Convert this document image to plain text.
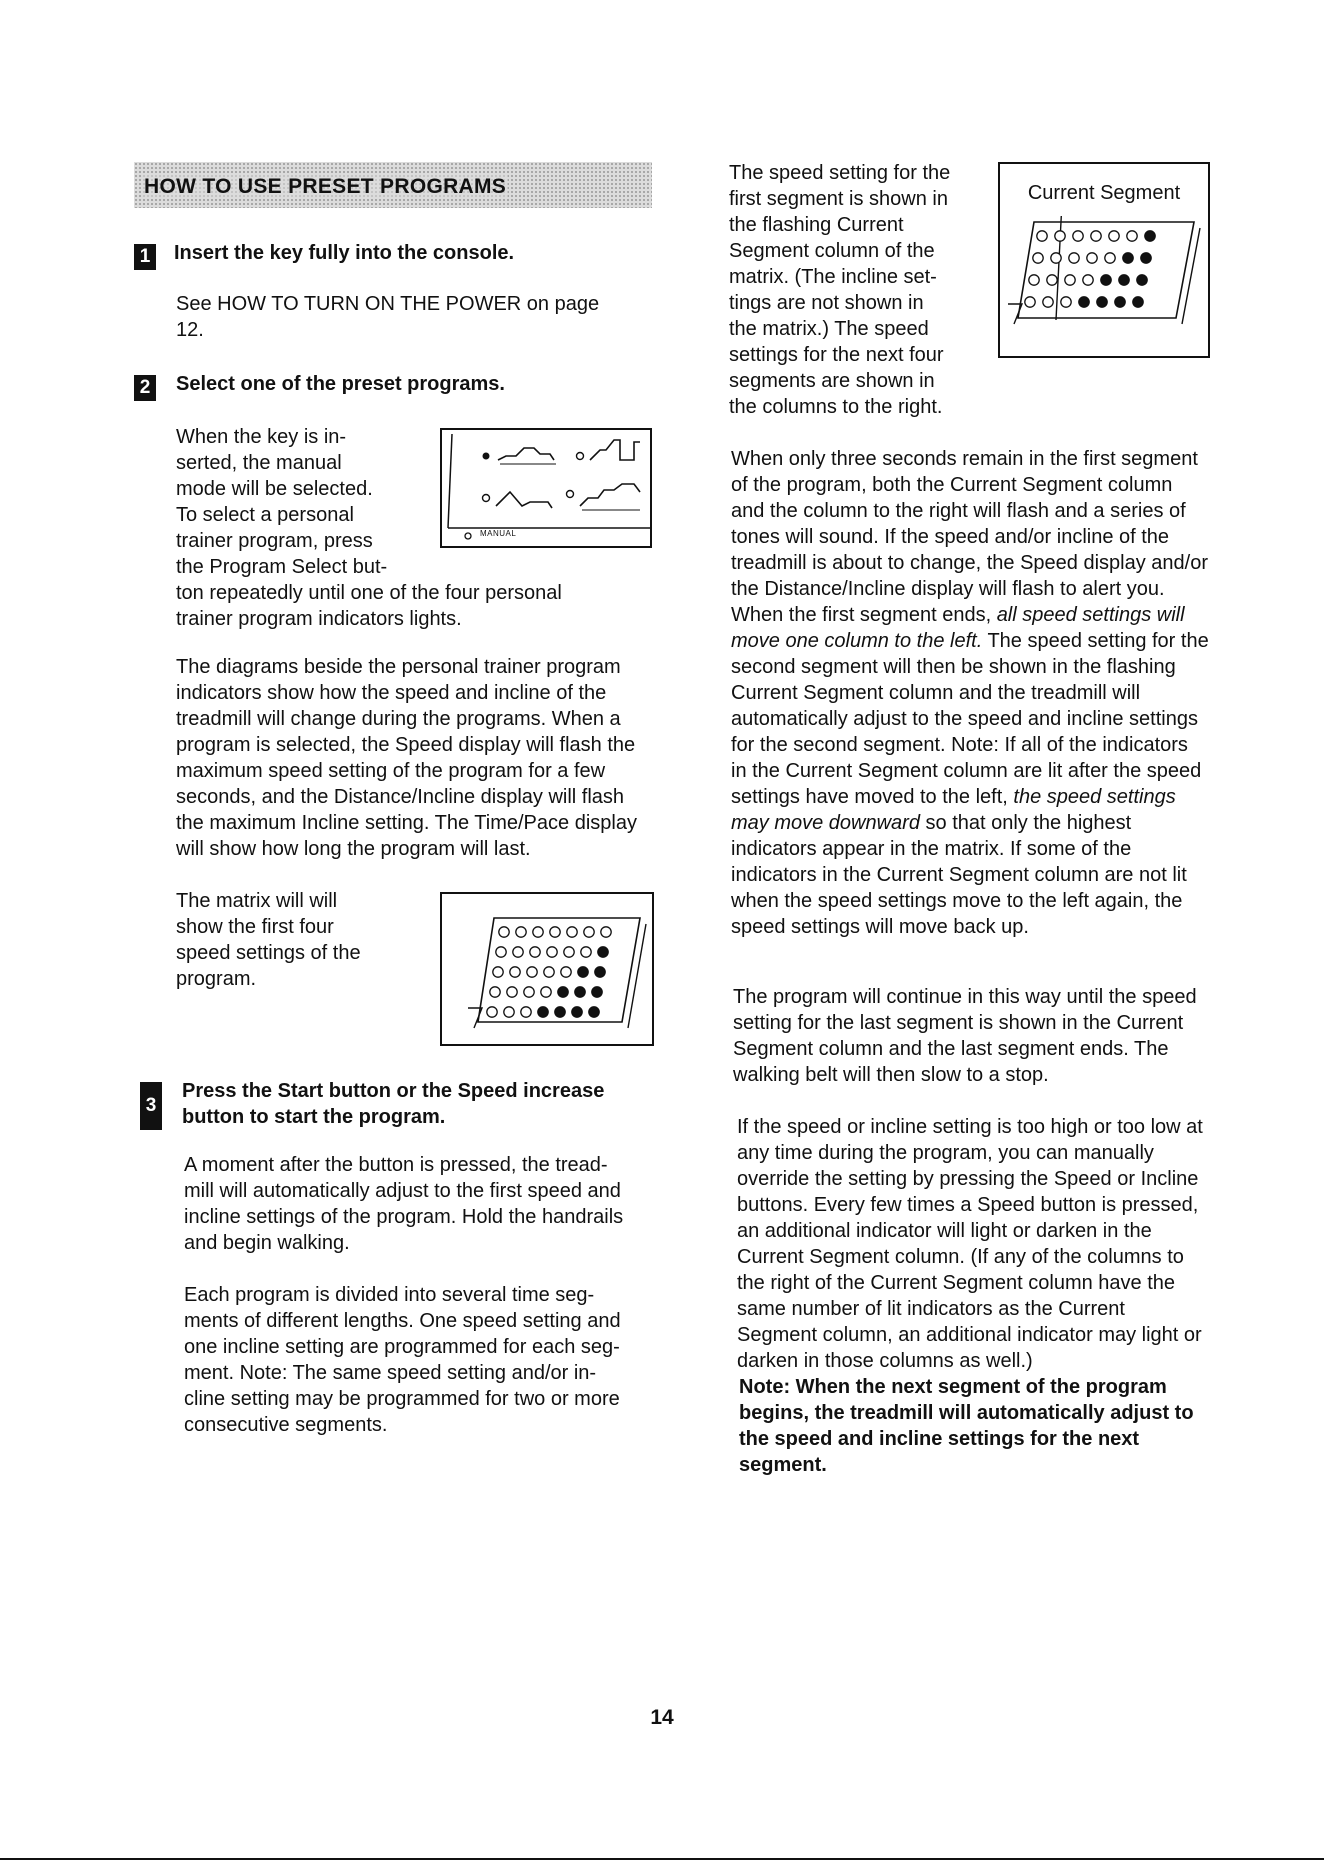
HOW TO USE PRESET PROGRAMS
1 Insert the key fully into the console.

See HOW TO TURN ON THE POWER on page 12.

2 Select one of the preset programs.

When the key is in-
serted, the manual
mode will be selected.
To select a personal
trainer program, press
the Program Select but-

ton repeatedly until one of the four personal
trainer program indicators lights.

MANUAL

The diagrams beside the personal trainer program indicators show how the speed and incline of the treadmill will change during the programs. When a program is selected, the Speed display will flash the maximum speed setting of the program for a few seconds, and the Distance/Incline display will flash the maximum Incline setting. The Time/Pace display will show how long the program will last.

The matrix will will
show the first four
speed settings of the
program.

3
Press the Start button or the Speed increase button to start the program.

A moment after the button is pressed, the tread-
mill will automatically adjust to the first speed and
incline settings of the program. Hold the handrails
and begin walking.

Each program is divided into several time seg-
ments of different lengths. One speed setting and
one incline setting are programmed for each seg-
ment. Note: The same speed setting and/or in-
cline setting may be programmed for two or more
consecutive segments.

The speed setting for the
first segment is shown in
the flashing Current
Segment column of the
matrix. (The incline set-
tings are not shown in
the matrix.) The speed
settings for the next four
segments are shown in
the columns to the right.

Current Segment

When only three seconds remain in the first segment of the program, both the Current Segment column and the column to the right will flash and a series of tones will sound. If the speed and/or incline of the treadmill is about to change, the Speed display and/or the Distance/Incline display will flash to alert you. When the first segment ends, all speed settings will move one column to the left. The speed setting for the second segment will then be shown in the flashing Current Segment column and the treadmill will automatically adjust to the speed and incline settings for the second segment. Note: If all of the indicators in the Current Segment column are lit after the speed settings have moved to the left, the speed settings may move downward so that only the highest indicators appear in the matrix. If some of the indicators in the Current Segment column are not lit when the speed settings move to the left again, the speed settings will move back up.

The program will continue in this way until the speed setting for the last segment is shown in the Current Segment column and the last segment ends. The walking belt will then slow to a stop.

If the speed or incline setting is too high or too low at any time during the program, you can manually override the setting by pressing the Speed or Incline buttons. Every few times a Speed button is pressed, an additional indicator will light or darken in the Current Segment column. (If any of the columns to the right of the Current Segment column have the same number of lit indicators as the Current Segment column, an additional indicator may light or darken in those columns as well.)

Note: When the next segment of the program begins, the treadmill will automatically adjust to the speed and incline settings for the next segment.

14
